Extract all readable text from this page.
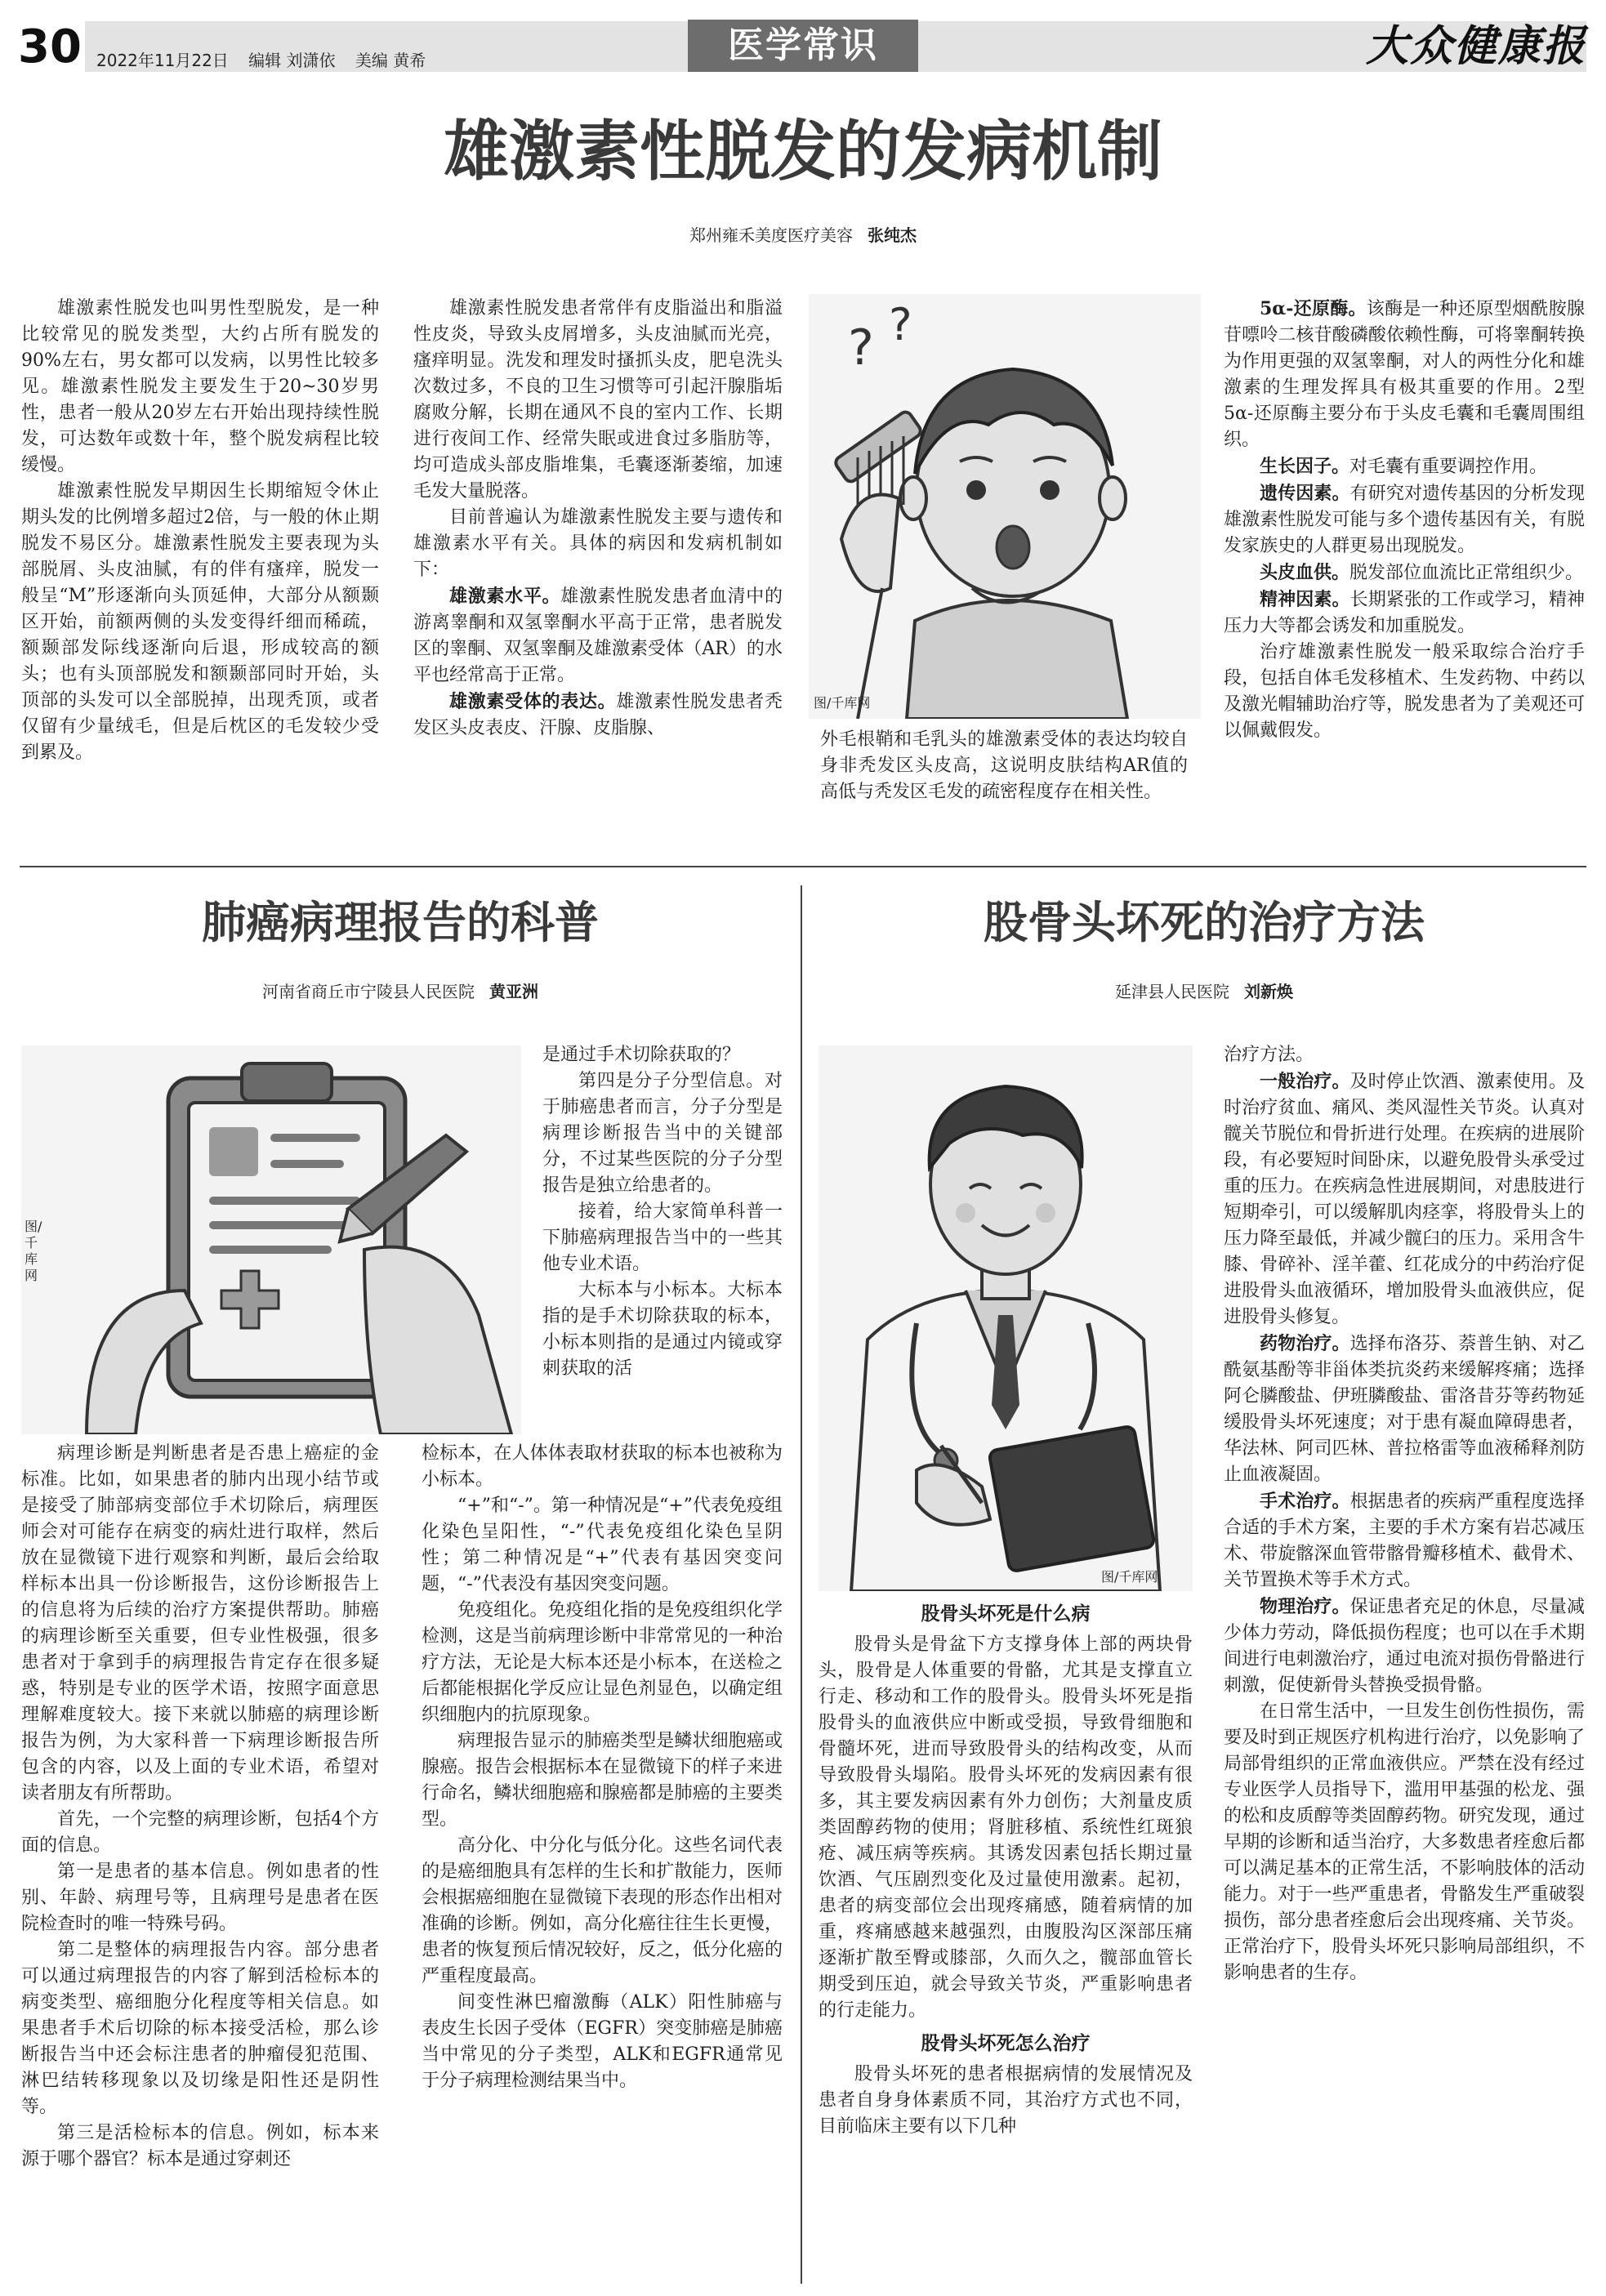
30 2022年11月22日 编辑 刘潇依 美编 黄希	医学常识	大众健康报
雄激素性脱发的发病机制
郑州雍禾美度医疗美容 张纯杰

雄激素性脱发也叫男性型脱发，是一种比较常见的脱发类型，大约占所有脱发的90%左右，男女都可以发病，以男性比较多见。雄激素性脱发主要发生于20~30岁男性，患者一般从20岁左右开始出现持续性脱发，可达数年或数十年，整个脱发病程比较缓慢。

雄激素性脱发早期因生长期缩短令休止期头发的比例增多超过2倍，与一般的休止期脱发不易区分。雄激素性脱发主要表现为头部脱屑、头皮油腻，有的伴有瘙痒，脱发一般呈“M”形逐渐向头顶延伸，大部分从额颞区开始，前额两侧的头发变得纤细而稀疏，额颞部发际线逐渐向后退，形成较高的额头；也有头顶部脱发和额颞部同时开始，头顶部的头发可以全部脱掉，出现秃顶，或者仅留有少量绒毛，但是后枕区的毛发较少受到累及。

雄激素性脱发患者常伴有皮脂溢出和脂溢性皮炎，导致头皮屑增多，头皮油腻而光亮，瘙痒明显。洗发和理发时搔抓头皮，肥皂洗头次数过多，不良的卫生习惯等可引起汗腺脂垢腐败分解，长期在通风不良的室内工作、长期进行夜间工作、经常失眠或进食过多脂肪等，均可造成头部皮脂堆集，毛囊逐渐萎缩，加速毛发大量脱落。

目前普遍认为雄激素性脱发主要与遗传和雄激素水平有关。具体的病因和发病机制如下：

雄激素水平。雄激素性脱发患者血清中的游离睾酮和双氢睾酮水平高于正常，患者脱发区的睾酮、双氢睾酮及雄激素受体（AR）的水平也经常高于正常。

雄激素受体的表达。雄激素性脱发患者秃发区头皮表皮、汗腺、皮脂腺、

? ?
图/千库网

外毛根鞘和毛乳头的雄激素受体的表达均较自身非秃发区头皮高，这说明皮肤结构AR值的高低与秃发区毛发的疏密程度存在相关性。

5α-还原酶。该酶是一种还原型烟酰胺腺苷嘌呤二核苷酸磷酸依赖性酶，可将睾酮转换为作用更强的双氢睾酮，对人的两性分化和雄激素的生理发挥具有极其重要的作用。2型5α-还原酶主要分布于头皮毛囊和毛囊周围组织。

生长因子。对毛囊有重要调控作用。

遗传因素。有研究对遗传基因的分析发现雄激素性脱发可能与多个遗传基因有关，有脱发家族史的人群更易出现脱发。

头皮血供。脱发部位血流比正常组织少。

精神因素。长期紧张的工作或学习，精神压力大等都会诱发和加重脱发。

治疗雄激素性脱发一般采取综合治疗手段，包括自体毛发移植术、生发药物、中药以及激光帽辅助治疗等，脱发患者为了美观还可以佩戴假发。

肺癌病理报告的科普
河南省商丘市宁陵县人民医院 黄亚洲
图/千库网

病理诊断是判断患者是否患上癌症的金标准。比如，如果患者的肺内出现小结节或是接受了肺部病变部位手术切除后，病理医师会对可能存在病变的病灶进行取样，然后放在显微镜下进行观察和判断，最后会给取样标本出具一份诊断报告，这份诊断报告上的信息将为后续的治疗方案提供帮助。肺癌的病理诊断至关重要，但专业性极强，很多患者对于拿到手的病理报告肯定存在很多疑惑，特别是专业的医学术语，按照字面意思理解难度较大。接下来就以肺癌的病理诊断报告为例，为大家科普一下病理诊断报告所包含的内容，以及上面的专业术语，希望对读者朋友有所帮助。

首先，一个完整的病理诊断，包括4个方面的信息。

第一是患者的基本信息。例如患者的性别、年龄、病理号等，且病理号是患者在医院检查时的唯一特殊号码。

第二是整体的病理报告内容。部分患者可以通过病理报告的内容了解到活检标本的病变类型、癌细胞分化程度等相关信息。如果患者手术后切除的标本接受活检，那么诊断报告当中还会标注患者的肿瘤侵犯范围、淋巴结转移现象以及切缘是阳性还是阴性等。

第三是活检标本的信息。例如，标本来源于哪个器官？标本是通过穿刺还

是通过手术切除获取的？

第四是分子分型信息。对于肺癌患者而言，分子分型是病理诊断报告当中的关键部分，不过某些医院的分子分型报告是独立给患者的。

接着，给大家简单科普一下肺癌病理报告当中的一些其他专业术语。

大标本与小标本。大标本指的是手术切除获取的标本，小标本则指的是通过内镜或穿刺获取的活

检标本，在人体体表取材获取的标本也被称为小标本。

“+”和“-”。第一种情况是“+”代表免疫组化染色呈阳性，“-”代表免疫组化染色呈阴性；第二种情况是“+”代表有基因突变问题，“-”代表没有基因突变问题。

免疫组化。免疫组化指的是免疫组织化学检测，这是当前病理诊断中非常常见的一种治疗方法，无论是大标本还是小标本，在送检之后都能根据化学反应让显色剂显色，以确定组织细胞内的抗原现象。

病理报告显示的肺癌类型是鳞状细胞癌或腺癌。报告会根据标本在显微镜下的样子来进行命名，鳞状细胞癌和腺癌都是肺癌的主要类型。

高分化、中分化与低分化。这些名词代表的是癌细胞具有怎样的生长和扩散能力，医师会根据癌细胞在显微镜下表现的形态作出相对准确的诊断。例如，高分化癌往往生长更慢，患者的恢复预后情况较好，反之，低分化癌的严重程度最高。

间变性淋巴瘤激酶（ALK）阳性肺癌与表皮生长因子受体（EGFR）突变肺癌是肺癌当中常见的分子类型，ALK和EGFR通常见于分子病理检测结果当中。

股骨头坏死的治疗方法
延津县人民医院 刘新焕
图/千库网

股骨头坏死是什么病

股骨头是骨盆下方支撑身体上部的两块骨头，股骨是人体重要的骨骼，尤其是支撑直立行走、移动和工作的股骨头。股骨头坏死是指股骨头的血液供应中断或受损，导致骨细胞和骨髓坏死，进而导致股骨头的结构改变，从而导致股骨头塌陷。股骨头坏死的发病因素有很多，其主要发病因素有外力创伤；大剂量皮质类固醇药物的使用；肾脏移植、系统性红斑狼疮、减压病等疾病。其诱发因素包括长期过量饮酒、气压剧烈变化及过量使用激素。起初，患者的病变部位会出现疼痛感，随着病情的加重，疼痛感越来越强烈，由腹股沟区深部压痛逐渐扩散至臀或膝部，久而久之，髋部血管长期受到压迫，就会导致关节炎，严重影响患者的行走能力。

股骨头坏死怎么治疗

股骨头坏死的患者根据病情的发展情况及患者自身身体素质不同，其治疗方式也不同，目前临床主要有以下几种

治疗方法。

一般治疗。及时停止饮酒、激素使用。及时治疗贫血、痛风、类风湿性关节炎。认真对髋关节脱位和骨折进行处理。在疾病的进展阶段，有必要短时间卧床，以避免股骨头承受过重的压力。在疾病急性进展期间，对患肢进行短期牵引，可以缓解肌肉痉挛，将股骨头上的压力降至最低，并减少髋臼的压力。采用含牛膝、骨碎补、淫羊藿、红花成分的中药治疗促进股骨头血液循环，增加股骨头血液供应，促进股骨头修复。

药物治疗。选择布洛芬、萘普生钠、对乙酰氨基酚等非甾体类抗炎药来缓解疼痛；选择阿仑膦酸盐、伊班膦酸盐、雷洛昔芬等药物延缓股骨头坏死速度；对于患有凝血障碍患者，华法林、阿司匹林、普拉格雷等血液稀释剂防止血液凝固。

手术治疗。根据患者的疾病严重程度选择合适的手术方案，主要的手术方案有岩芯减压术、带旋髂深血管带髂骨瓣移植术、截骨术、关节置换术等手术方式。

物理治疗。保证患者充足的休息，尽量减少体力劳动，降低损伤程度；也可以在手术期间进行电刺激治疗，通过电流对损伤骨骼进行刺激，促使新骨头替换受损骨骼。

在日常生活中，一旦发生创伤性损伤，需要及时到正规医疗机构进行治疗，以免影响了局部骨组织的正常血液供应。严禁在没有经过专业医学人员指导下，滥用甲基强的松龙、强的松和皮质醇等类固醇药物。研究发现，通过早期的诊断和适当治疗，大多数患者痊愈后都可以满足基本的正常生活，不影响肢体的活动能力。对于一些严重患者，骨骼发生严重破裂损伤，部分患者痊愈后会出现疼痛、关节炎。正常治疗下，股骨头坏死只影响局部组织，不影响患者的生存。
